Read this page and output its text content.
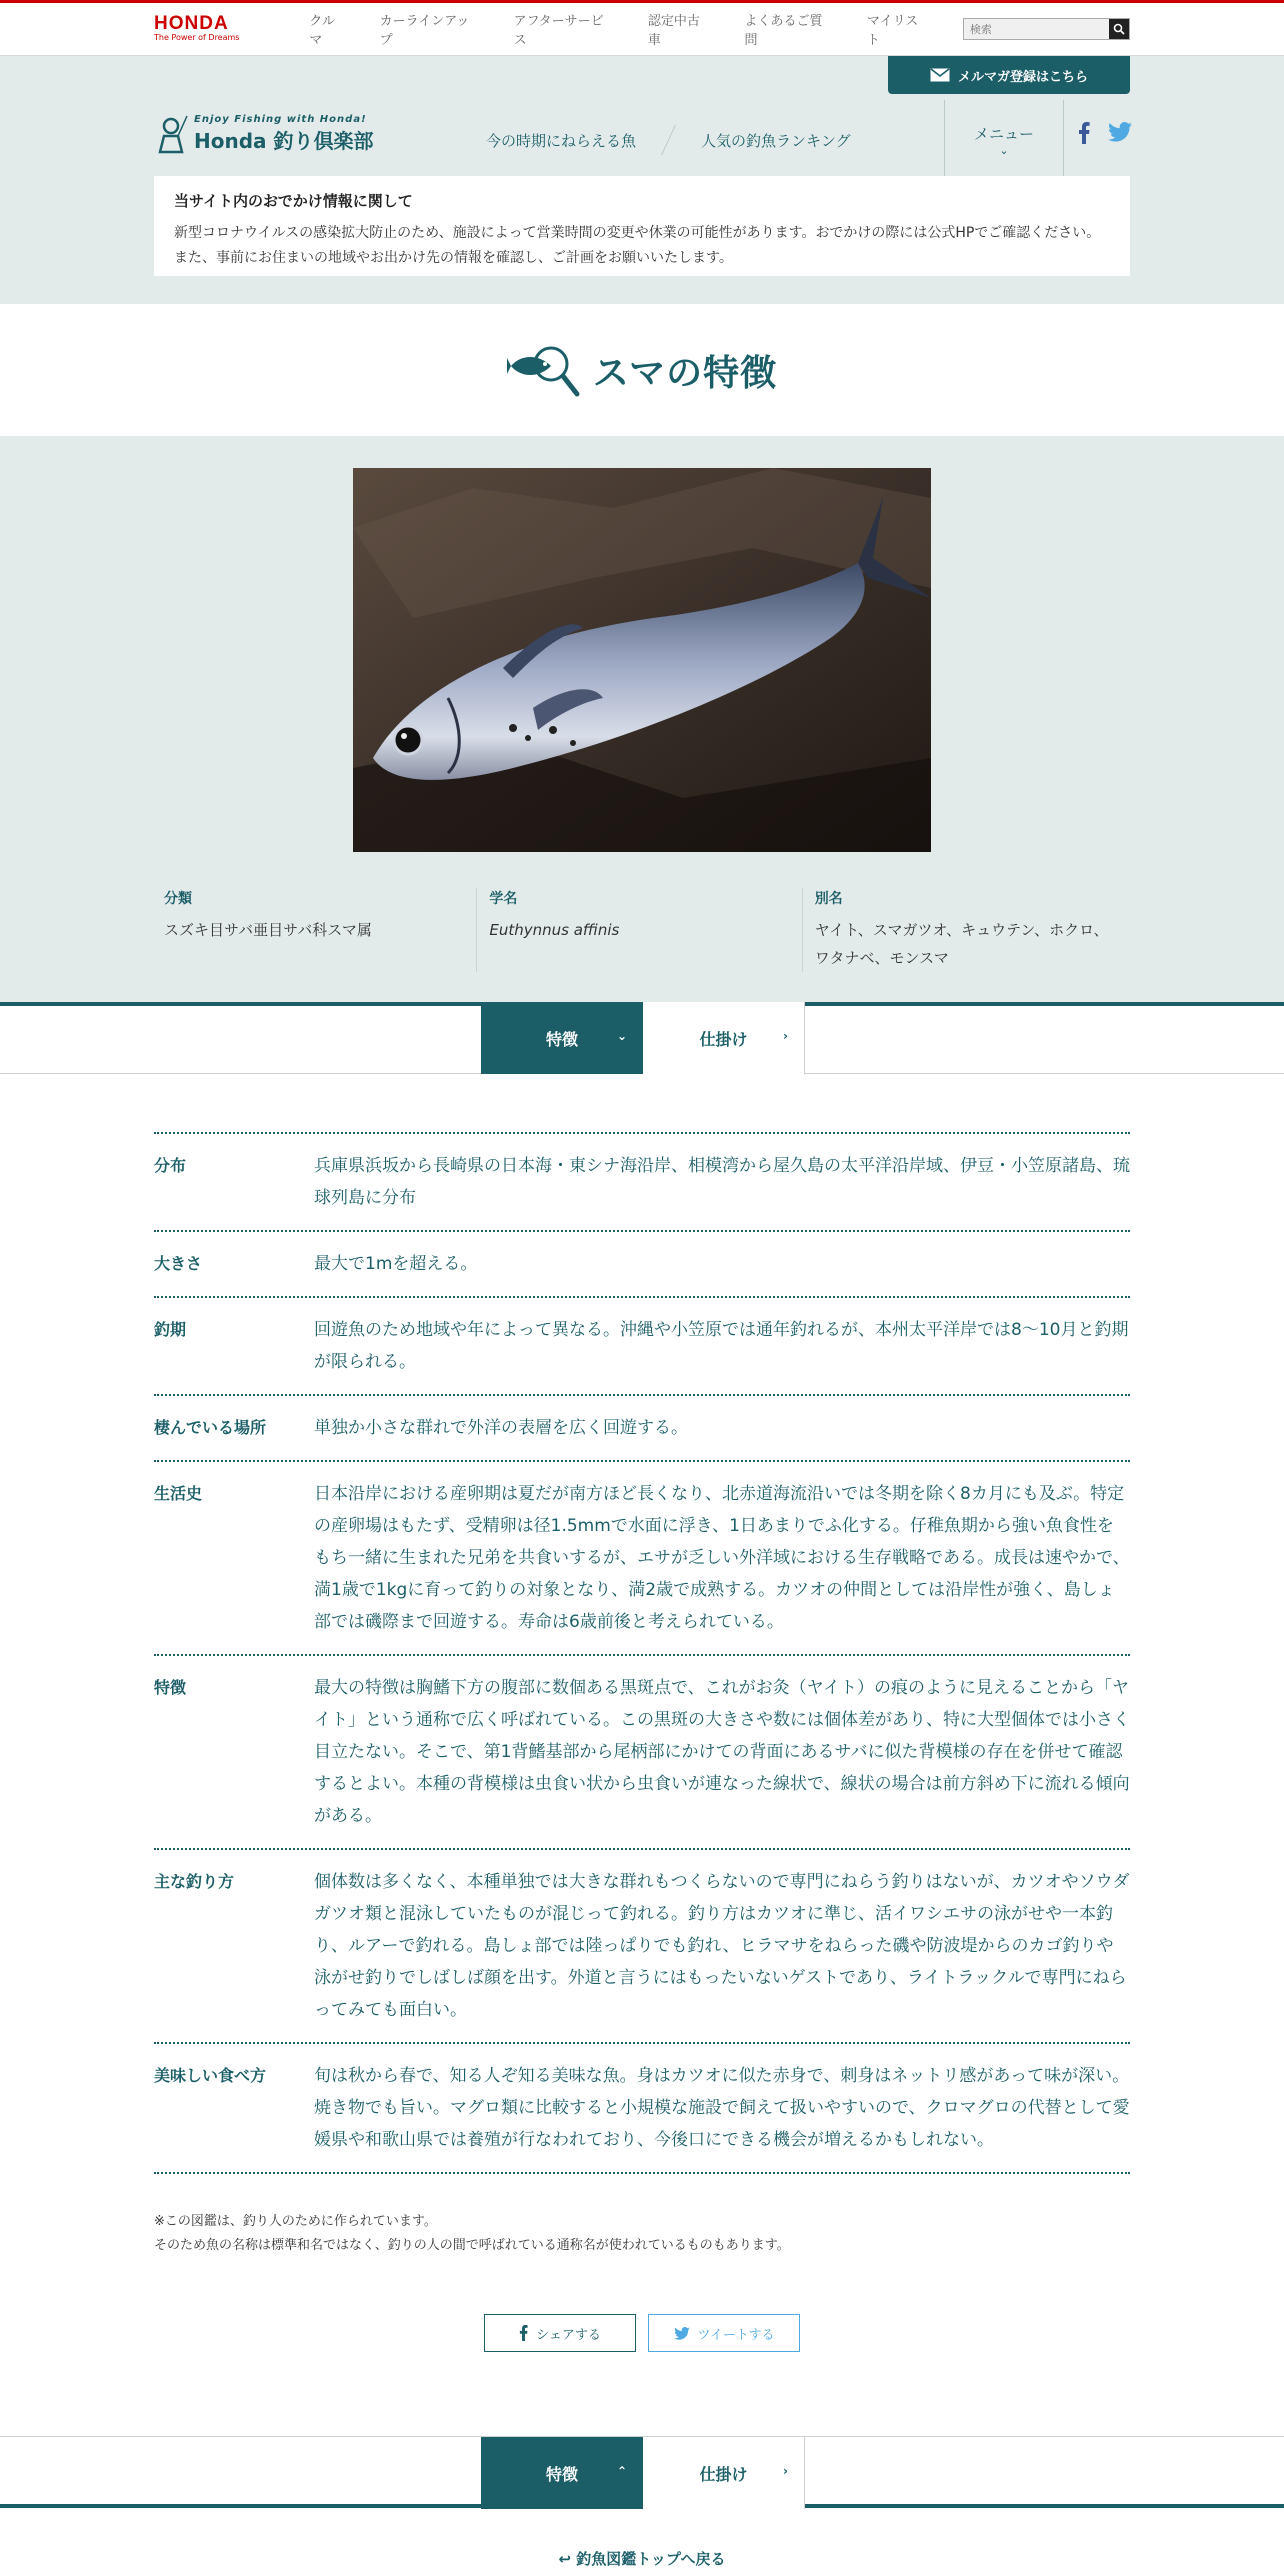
HONDA
The Power of Dreams
クルマ
カーラインアップ
アフターサービス
認定中古車
よくあるご質問
マイリスト
検索
メルマガ登録はこちら
Enjoy Fishing with Honda!
Honda 釣り倶楽部	今の時期にねらえる魚	人気の釣魚ランキング	メニュー
⌄
当サイト内のおでかけ情報に関して

新型コロナウイルスの感染拡大防止のため、施設によって営業時間の変更や休業の可能性があります。おでかけの際には公式HPでご確認ください。また、事前にお住まいの地域やお出かけ先の情報を確認し、ご計画をお願いいたします。

スマの特徴
分類
スズキ目サバ亜目サバ科スマ属
学名
Euthynnus affinis
別名
ヤイト、スマガツオ、キュウテン、ホクロ、ワタナベ、モンスマ
特徴	⌄	仕掛け	›
分布	兵庫県浜坂から長崎県の日本海・東シナ海沿岸、相模湾から屋久島の太平洋沿岸域、伊豆・小笠原諸島、琉球列島に分布
大きさ	最大で1mを超える。
釣期	回遊魚のため地域や年によって異なる。沖縄や小笠原では通年釣れるが、本州太平洋岸では8～10月と釣期が限られる。
棲んでいる場所	単独か小さな群れで外洋の表層を広く回遊する。
生活史	日本沿岸における産卵期は夏だが南方ほど長くなり、北赤道海流沿いでは冬期を除く8カ月にも及ぶ。特定の産卵場はもたず、受精卵は径1.5mmで水面に浮き、1日あまりでふ化する。仔稚魚期から強い魚食性をもち一緒に生まれた兄弟を共食いするが、エサが乏しい外洋域における生存戦略である。成長は速やかで、満1歳で1kgに育って釣りの対象となり、満2歳で成熟する。カツオの仲間としては沿岸性が強く、島しょ部では磯際まで回遊する。寿命は6歳前後と考えられている。
特徴	最大の特徴は胸鰭下方の腹部に数個ある黒斑点で、これがお灸（ヤイト）の痕のように見えることから「ヤイト」という通称で広く呼ばれている。この黒斑の大きさや数には個体差があり、特に大型個体では小さく目立たない。そこで、第1背鰭基部から尾柄部にかけての背面にあるサバに似た背模様の存在を併せて確認するとよい。本種の背模様は虫食い状から虫食いが連なった線状で、線状の場合は前方斜め下に流れる傾向がある。
主な釣り方	個体数は多くなく、本種単独では大きな群れもつくらないので専門にねらう釣りはないが、カツオやソウダガツオ類と混泳していたものが混じって釣れる。釣り方はカツオに準じ、活イワシエサの泳がせや一本釣り、ルアーで釣れる。島しょ部では陸っぱりでも釣れ、ヒラマサをねらった磯や防波堤からのカゴ釣りや泳がせ釣りでしばしば顔を出す。外道と言うにはもったいないゲストであり、ライトラックルで専門にねらってみても面白い。
美味しい食べ方	旬は秋から春で、知る人ぞ知る美味な魚。身はカツオに似た赤身で、刺身はネットリ感があって味が深い。焼き物でも旨い。マグロ類に比較すると小規模な施設で飼えて扱いやすいので、クロマグロの代替として愛媛県や和歌山県では養殖が行なわれており、今後口にできる機会が増えるかもしれない。
※この図鑑は、釣り人のために作られています。
そのため魚の名称は標準和名ではなく、釣りの人の間で呼ばれている通称名が使われているものもあります。
シェアする	ツイートする
特徴	⌃	仕掛け	›
↩ 釣魚図鑑トップへ戻る
